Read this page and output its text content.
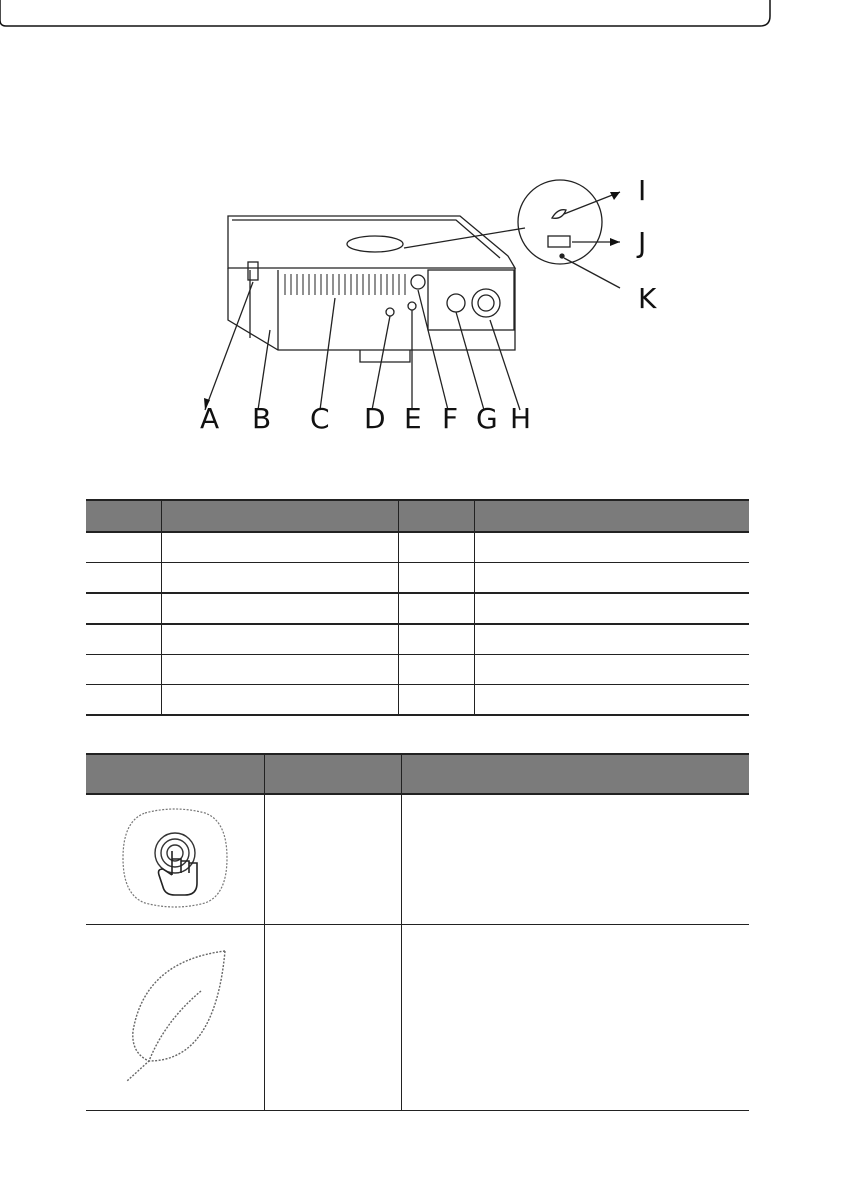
A B C D E F G H
I
J
K
